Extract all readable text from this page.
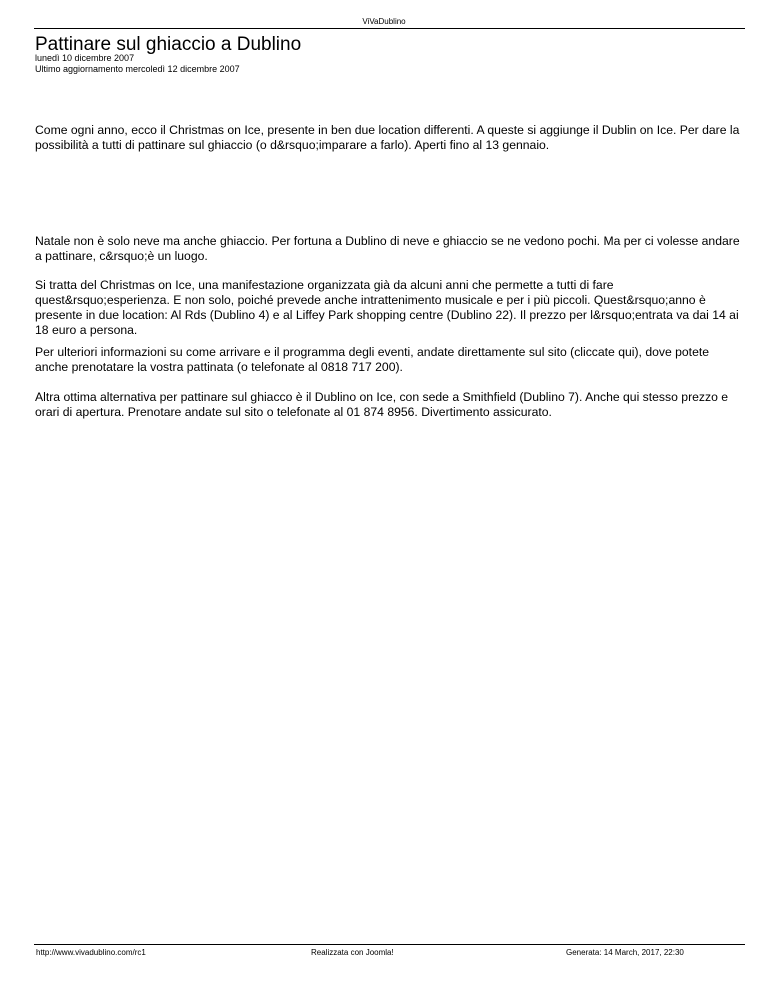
ViVaDublino
Pattinare sul ghiaccio a Dublino
lunedì 10 dicembre 2007
Ultimo aggiornamento mercoledì 12 dicembre 2007

Come ogni anno, ecco il Christmas on Ice, presente in ben due location differenti. A queste si aggiunge il Dublin on Ice. Per dare la possibilità a tutti di pattinare sul ghiaccio (o d&rsquo;imparare a farlo). Aperti fino al 13 gennaio.

Natale non è solo neve ma anche ghiaccio. Per fortuna a Dublino di neve e ghiaccio se ne vedono pochi. Ma per ci volesse andare a pattinare, c&rsquo;è un luogo.

Si tratta del Christmas on Ice, una manifestazione organizzata già da alcuni anni che permette a tutti di fare quest&rsquo;esperienza. E non solo, poiché prevede anche intrattenimento musicale e per i più piccoli. Quest&rsquo;anno è presente in due location: Al Rds (Dublino 4) e al Liffey Park shopping centre (Dublino 22). Il prezzo per l&rsquo;entrata va dai 14 ai 18 euro a persona.

Per ulteriori informazioni su come arrivare e il programma degli eventi, andate direttamente sul sito (cliccate qui), dove potete anche prenotatare la vostra pattinata (o telefonate al 0818 717 200).

Altra ottima alternativa per pattinare sul ghiacco è il Dublino on Ice, con sede a Smithfield (Dublino 7). Anche qui stesso prezzo e orari di apertura. Prenotare andate sul sito o telefonate al 01 874 8956. Divertimento assicurato.

http://www.vivadublino.com/rc1	Realizzata con Joomla!	Generata: 14 March, 2017, 22:30
